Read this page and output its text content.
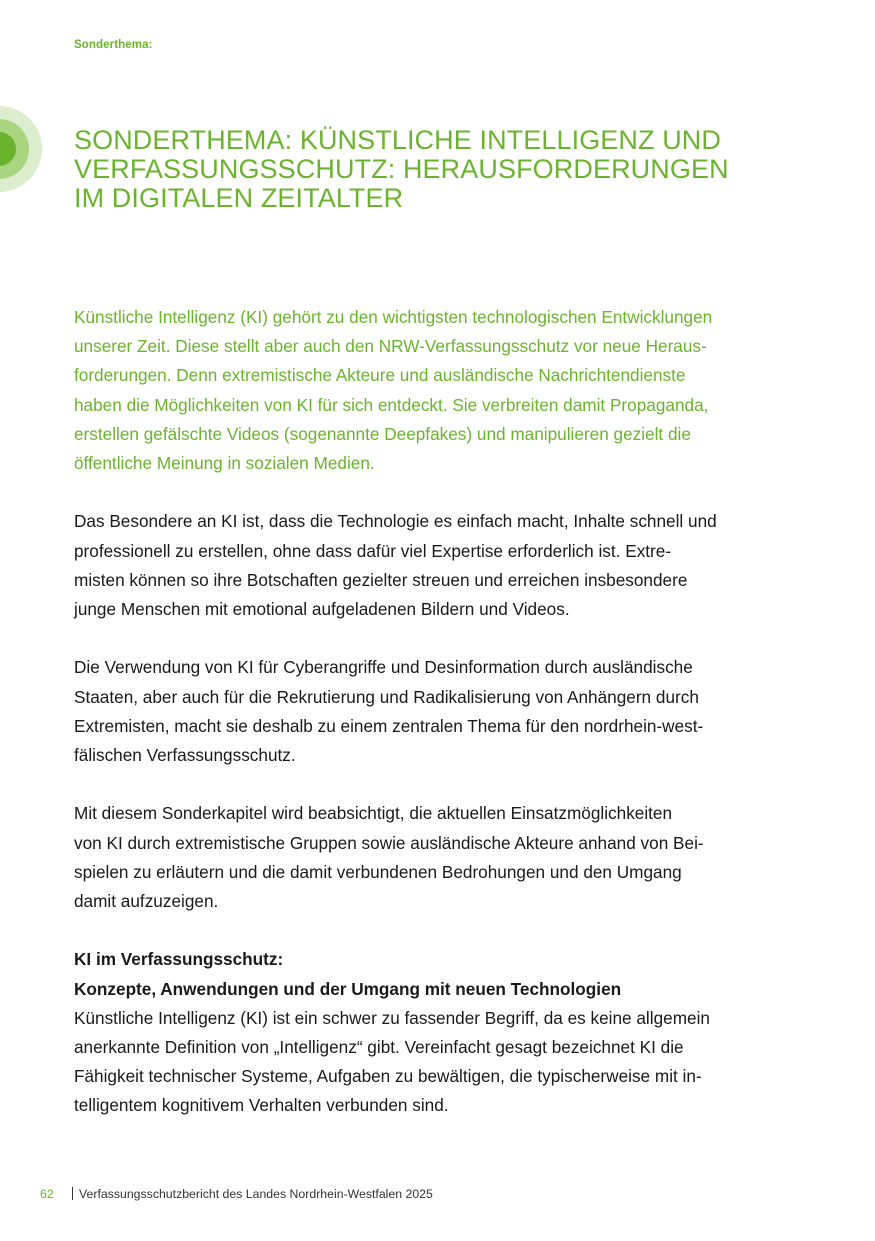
Sonderthema:
SONDERTHEMA: KÜNSTLICHE INTELLIGENZ UND
VERFASSUNGSSCHUTZ: HERAUSFORDERUNGEN
IM DIGITALEN ZEITALTER

Künstliche Intelligenz (KI) gehört zu den wichtigsten technologischen Entwicklungen
unserer Zeit. Diese stellt aber auch den NRW-Verfassungsschutz vor neue Heraus-
forderungen. Denn extremistische Akteure und ausländische Nachrichtendienste
haben die Möglichkeiten von KI für sich entdeckt. Sie verbreiten damit Propaganda,
erstellen gefälschte Videos (sogenannte Deepfakes) und manipulieren gezielt die
öffentliche Meinung in sozialen Medien.

Das Besondere an KI ist, dass die Technologie es einfach macht, Inhalte schnell und
professionell zu erstellen, ohne dass dafür viel Expertise erforderlich ist. Extre-
misten können so ihre Botschaften gezielter streuen und erreichen insbesondere
junge Menschen mit emotional aufgeladenen Bildern und Videos.

Die Verwendung von KI für Cyberangriffe und Desinformation durch ausländische
Staaten, aber auch für die Rekrutierung und Radikalisierung von Anhängern durch
Extremisten, macht sie deshalb zu einem zentralen Thema für den nordrhein-west-
fälischen Verfassungsschutz.

Mit diesem Sonderkapitel wird beabsichtigt, die aktuellen Einsatzmöglichkeiten
von KI durch extremistische Gruppen sowie ausländische Akteure anhand von Bei-
spielen zu erläutern und die damit verbundenen Bedrohungen und den Umgang
damit aufzuzeigen.

KI im Verfassungsschutz:
Konzepte, Anwendungen und der Umgang mit neuen Technologien

Künstliche Intelligenz (KI) ist ein schwer zu fassender Begriff, da es keine allgemein
anerkannte Definition von „Intelligenz“ gibt. Vereinfacht gesagt bezeichnet KI die
Fähigkeit technischer Systeme, Aufgaben zu bewältigen, die typischerweise mit in-
telligentem kognitivem Verhalten verbunden sind.

62 Verfassungsschutzbericht des Landes Nordrhein-Westfalen 2025
